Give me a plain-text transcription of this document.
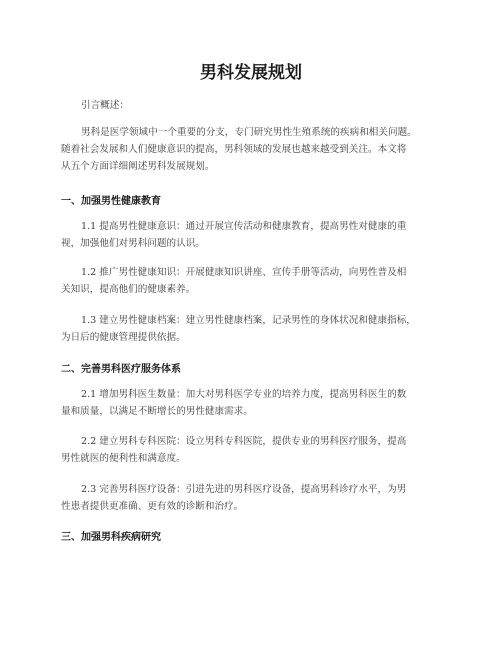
男科发展规划

引言概述：

男科是医学领域中一个重要的分支，专门研究男性生殖系统的疾病和相关问题。
随着社会发展和人们健康意识的提高，男科领域的发展也越来越受到关注。本文将
从五个方面详细阐述男科发展规划。

一、加强男性健康教育

1.1 提高男性健康意识：通过开展宣传活动和健康教育，提高男性对健康的重
视，加强他们对男科问题的认识。

1.2 推广男性健康知识：开展健康知识讲座、宣传手册等活动，向男性普及相
关知识，提高他们的健康素养。

1.3 建立男性健康档案：建立男性健康档案，记录男性的身体状况和健康指标，
为日后的健康管理提供依据。

二、完善男科医疗服务体系

2.1 增加男科医生数量：加大对男科医学专业的培养力度，提高男科医生的数
量和质量，以满足不断增长的男性健康需求。

2.2 建立男科专科医院：设立男科专科医院，提供专业的男科医疗服务，提高
男性就医的便利性和满意度。

2.3 完善男科医疗设备：引进先进的男科医疗设备，提高男科诊疗水平，为男
性患者提供更准确、更有效的诊断和治疗。

三、加强男科疾病研究
